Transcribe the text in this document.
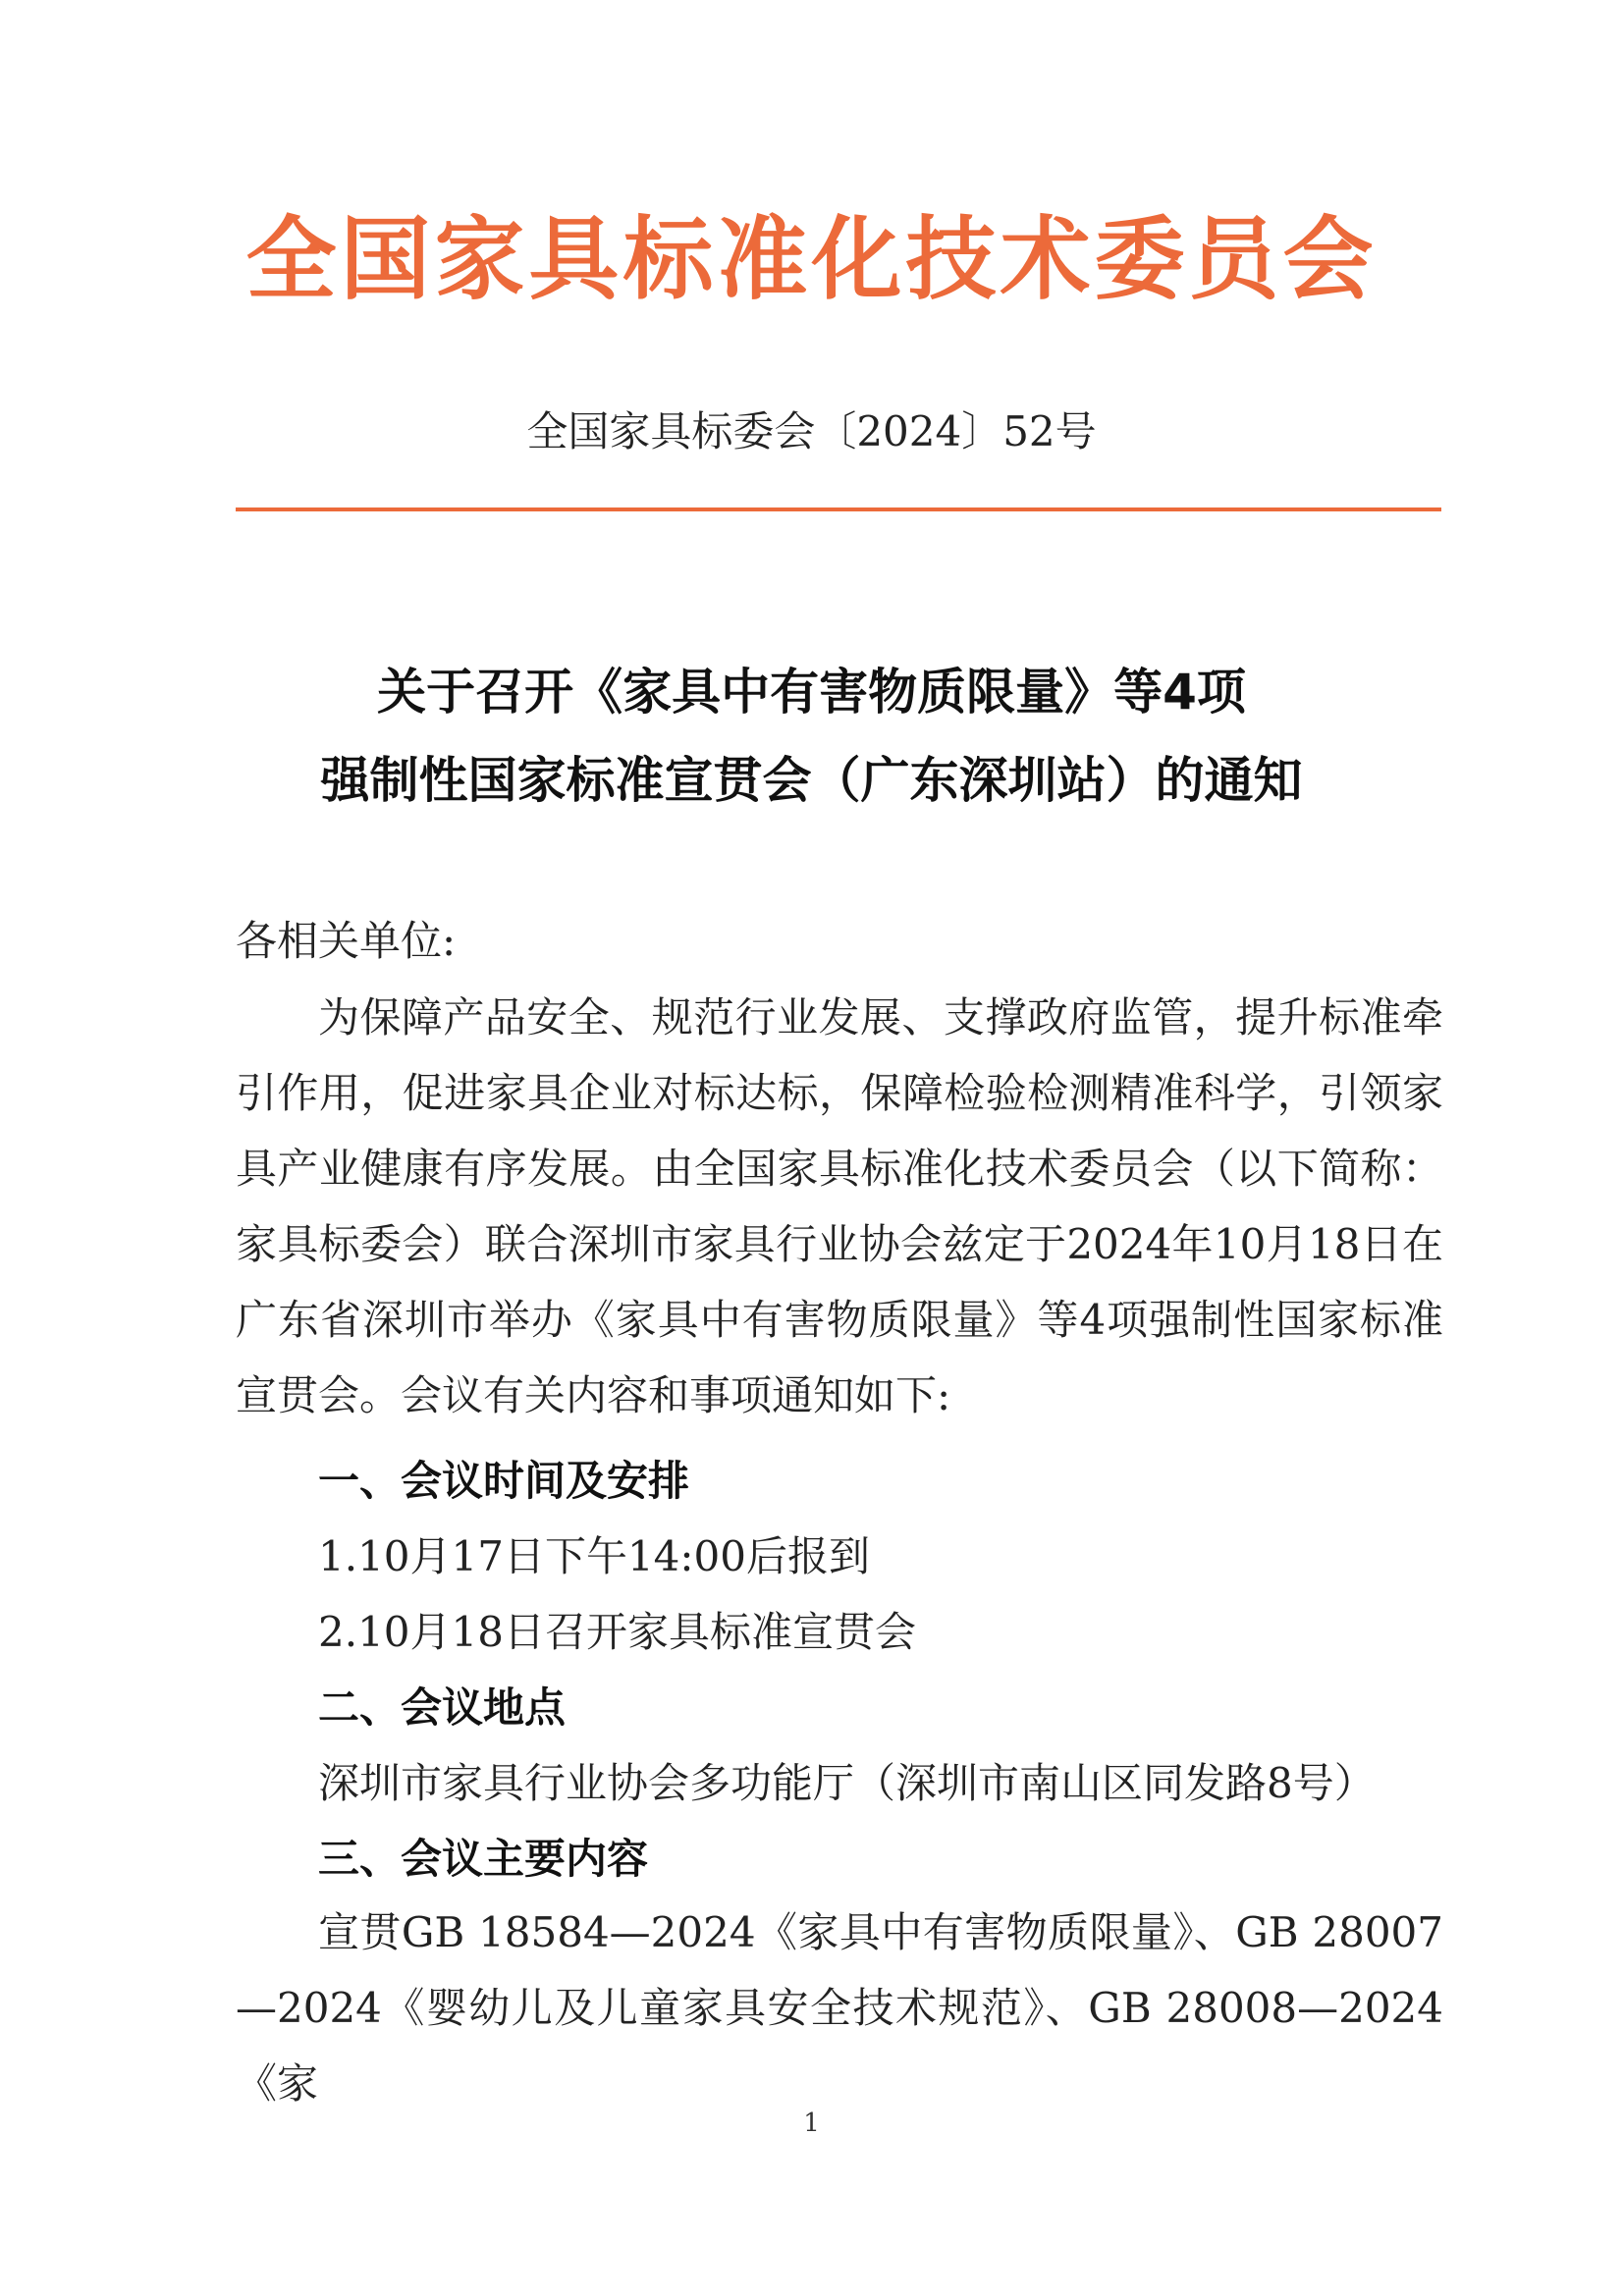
全国家具标准化技术委员会
全国家具标委会〔2024〕52号
关于召开《家具中有害物质限量》等4项
强制性国家标准宣贯会（广东深圳站）的通知
各相关单位:
为保障产品安全、规范行业发展、支撑政府监管，提升标准牵引作用，促进家具企业对标达标，保障检验检测精准科学，引领家具产业健康有序发展。由全国家具标准化技术委员会（以下简称：家具标委会）联合深圳市家具行业协会兹定于2024年10月18日在广东省深圳市举办《家具中有害物质限量》等4项强制性国家标准宣贯会。会议有关内容和事项通知如下:
一、会议时间及安排
1.10月17日下午14:00后报到
2.10月18日召开家具标准宣贯会
二、会议地点
深圳市家具行业协会多功能厅（深圳市南山区同发路8号）
三、会议主要内容
宣贯GB 18584—2024《家具中有害物质限量》、GB 28007—2024《婴幼儿及儿童家具安全技术规范》、GB 28008—2024《家
1
